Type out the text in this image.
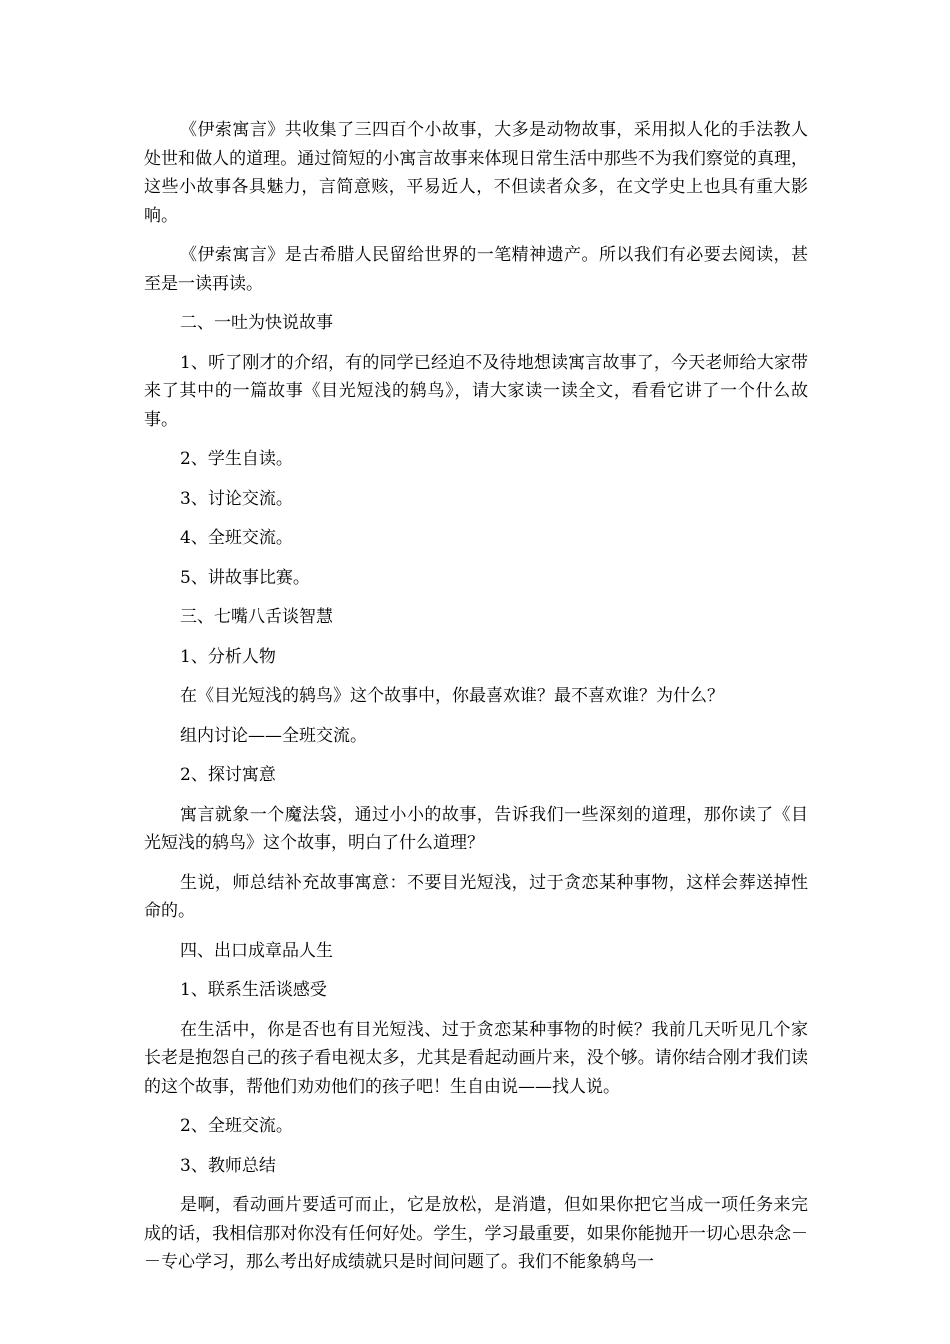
《伊索寓言》共收集了三四百个小故事，大多是动物故事，采用拟人化的手法教人处世和做人的道理。通过简短的小寓言故事来体现日常生活中那些不为我们察觉的真理，这些小故事各具魅力，言简意赅，平易近人，不但读者众多，在文学史上也具有重大影响。

《伊索寓言》是古希腊人民留给世界的一笔精神遗产。所以我们有必要去阅读，甚至是一读再读。

二、一吐为快说故事

1、听了刚才的介绍，有的同学已经迫不及待地想读寓言故事了，今天老师给大家带来了其中的一篇故事《目光短浅的鸫鸟》，请大家读一读全文，看看它讲了一个什么故事。

2、学生自读。

3、讨论交流。

4、全班交流。

5、讲故事比赛。

三、七嘴八舌谈智慧

1、分析人物

在《目光短浅的鸫鸟》这个故事中，你最喜欢谁？最不喜欢谁？为什么？

组内讨论——全班交流。

2、探讨寓意

寓言就象一个魔法袋，通过小小的故事，告诉我们一些深刻的道理，那你读了《目光短浅的鸫鸟》这个故事，明白了什么道理？

生说，师总结补充故事寓意：不要目光短浅，过于贪恋某种事物，这样会葬送掉性命的。

四、出口成章品人生

1、联系生活谈感受

在生活中，你是否也有目光短浅、过于贪恋某种事物的时候？我前几天听见几个家长老是抱怨自己的孩子看电视太多，尤其是看起动画片来，没个够。请你结合刚才我们读的这个故事，帮他们劝劝他们的孩子吧！生自由说——找人说。

2、全班交流。

3、教师总结

是啊，看动画片要适可而止，它是放松，是消遣，但如果你把它当成一项任务来完成的话，我相信那对你没有任何好处。学生，学习最重要，如果你能抛开一切心思杂念－－专心学习，那么考出好成绩就只是时间问题了。我们不能象鸫鸟一
